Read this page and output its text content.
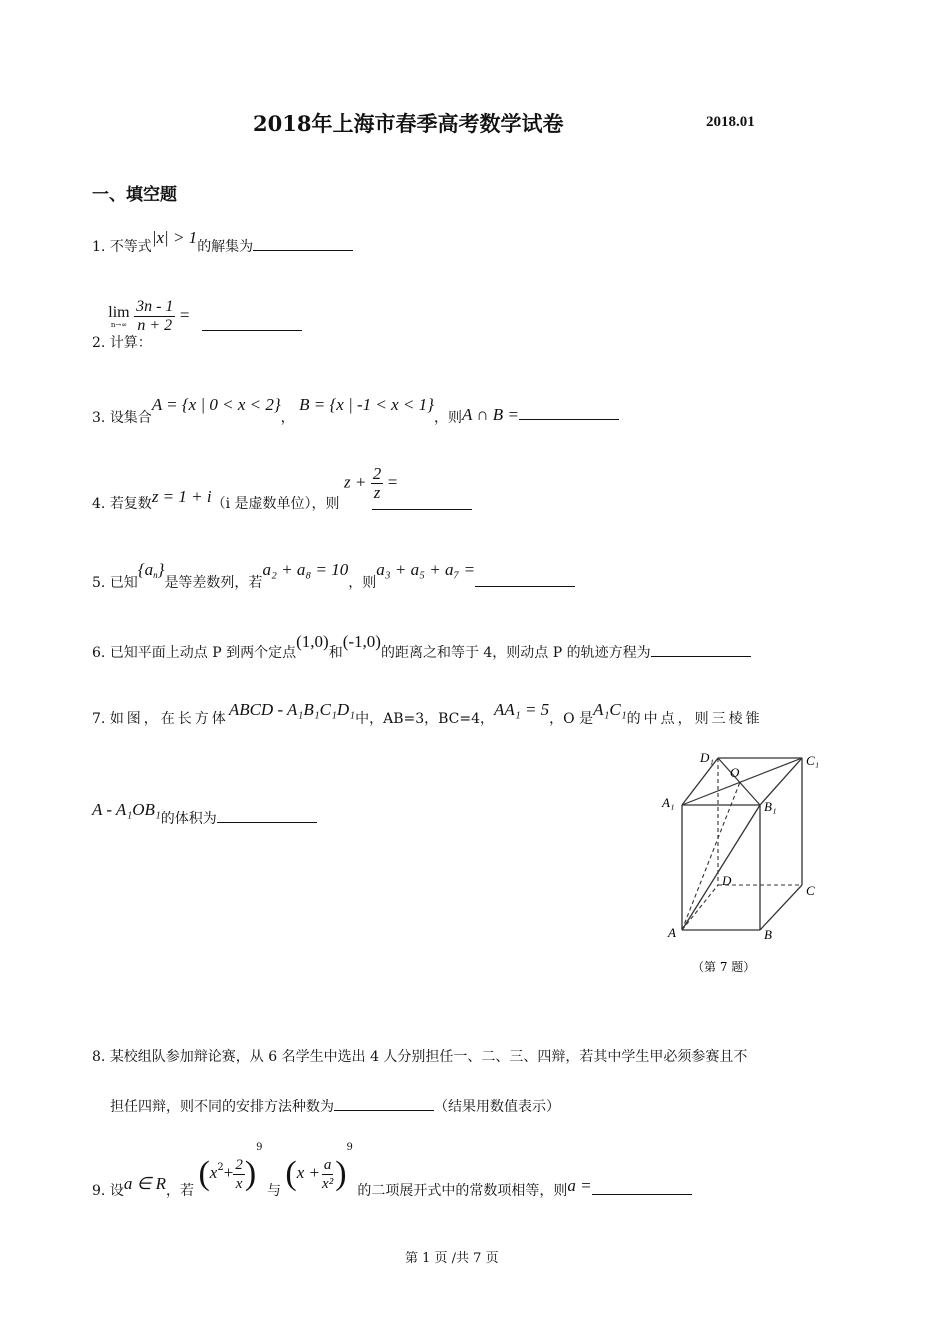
2018年上海市春季高考数学试卷	2018.01
一、填空题
1. 不等式|x| > 1的解集为
2. 计算：
lim
n→∞
$\frac{3n - 1}{n + 2}$ =
3. 设集合A = {x | 0 < x < 2}， B = {x | -1 < x < 1}，则A ∩ B =
4. 若复数z = 1 + i（i 是虚数单位），则 $z + \frac{2}{z}$ =
5. 已知$\{a_n\}$是等差数列，若a₂ + a₈ = 10，则a₃ + a₅ + a₇ =
6. 已知平面上动点 P 到两个定点(1,0)和(-1,0)的距离之和等于 4，则动点 P 的轨迹方程为
7. 如图，在长方体ABCD - A₁B₁C₁D₁中，AB=3，BC=4，AA₁ = 5，O 是A₁C₁的中点，则三棱锥
A - A₁OB₁的体积为
D₁
O
C₁
A₁	B₁
D
C
A	B
（第 7 题）
8. 某校组队参加辩论赛，从 6 名学生中选出 4 人分别担任一、二、三、四辩，若其中学生甲必须参赛且不
担任四辩，则不同的安排方法种数为	（结果用数值表示）
9. 设a ∈ R，若 $(x^2+ \frac{2}{x} )^9$ 与 $(x + \frac{a}{\text{x²}} )^9$ 的二项展开式中的常数项相等，则a =
第 1 页 /共 7 页
